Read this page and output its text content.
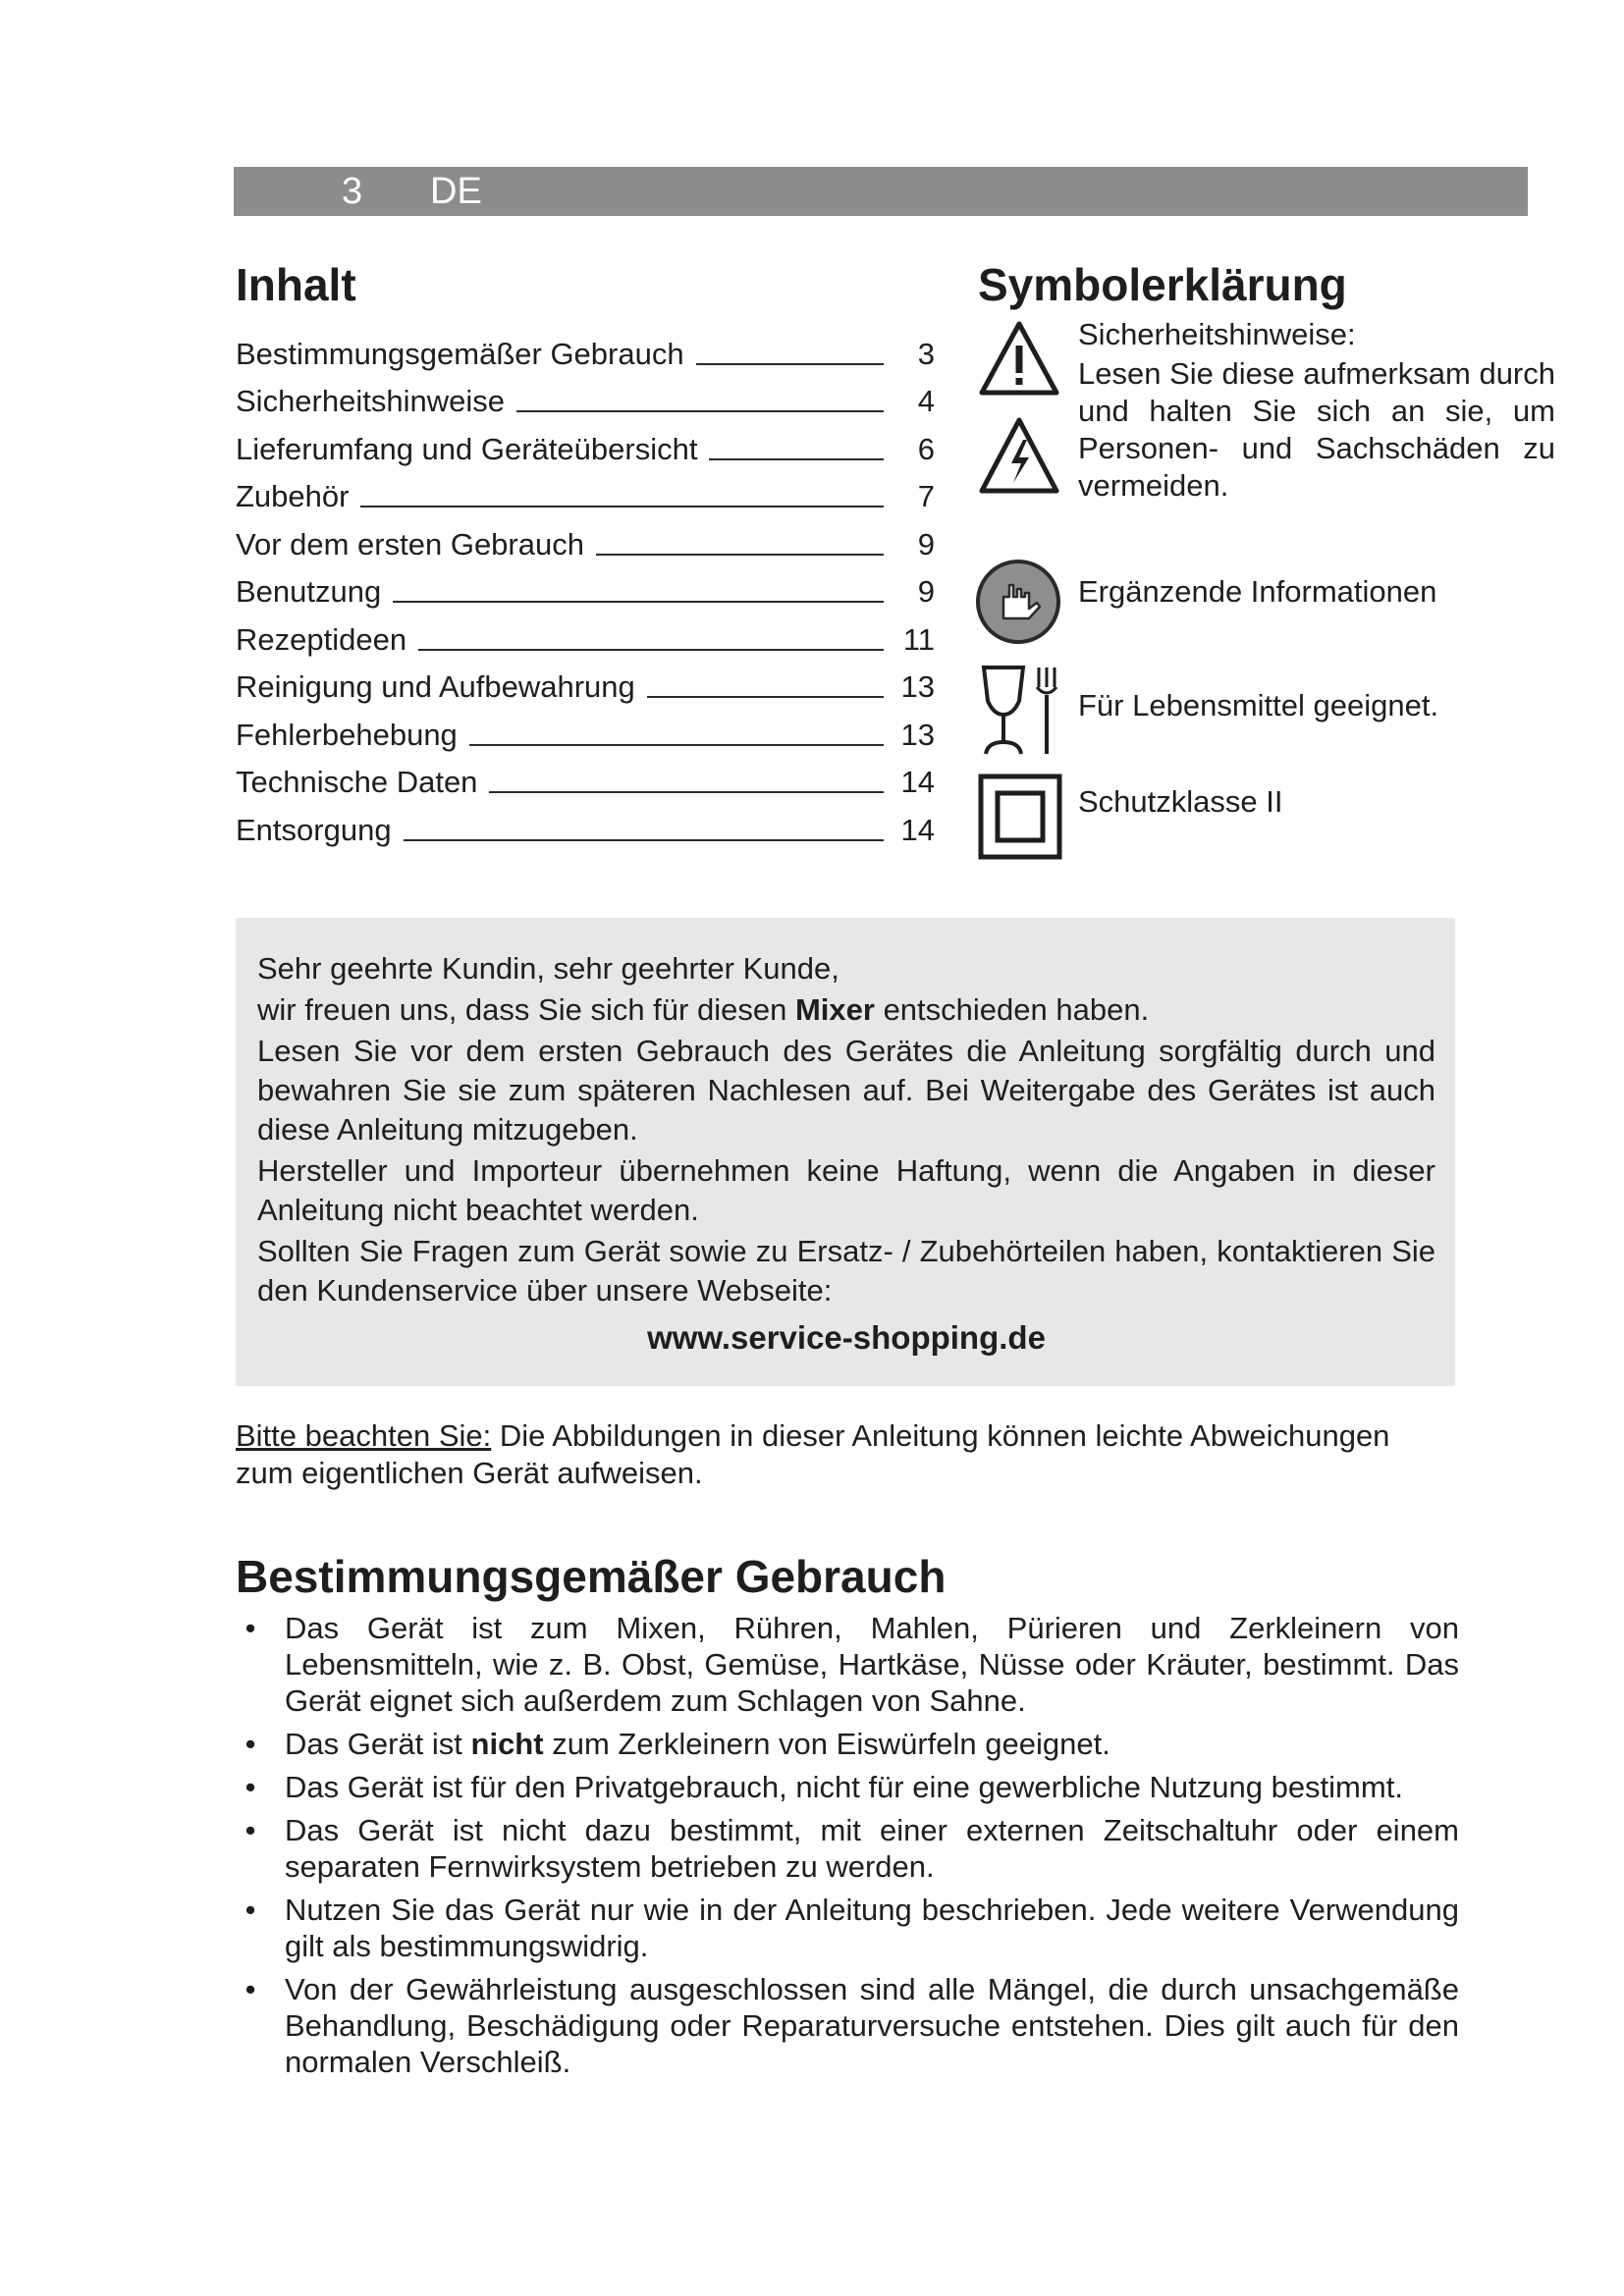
3 DE
Inhalt
Bestimmungsgemäßer Gebrauch	3
Sicherheitshinweise	4
Lieferumfang und Geräteübersicht	6
Zubehör	7
Vor dem ersten Gebrauch	9
Benutzung	9
Rezeptideen	11
Reinigung und Aufbewahrung	13
Fehlerbehebung	13
Technische Daten	14
Entsorgung	14
Symbolerklärung
Sicherheitshinweise:
Lesen Sie diese aufmerksam durch und halten Sie sich an sie, um Personen- und Sachschäden zu vermeiden.
Ergänzende Informationen
Für Lebensmittel geeignet.
Schutzklasse II

Sehr geehrte Kundin, sehr geehrter Kunde,

wir freuen uns, dass Sie sich für diesen Mixer entschieden haben.

Lesen Sie vor dem ersten Gebrauch des Gerätes die Anleitung sorgfältig durch und bewahren Sie sie zum späteren Nachlesen auf. Bei Weitergabe des Gerätes ist auch diese Anleitung mitzugeben.

Hersteller und Importeur übernehmen keine Haftung, wenn die Angaben in dieser Anleitung nicht beachtet werden.

Sollten Sie Fragen zum Gerät sowie zu Ersatz- / Zubehörteilen haben, kontaktieren Sie den Kundenservice über unsere Webseite:

www.service-shopping.de

Bitte beachten Sie: Die Abbildungen in dieser Anleitung können leichte Abweichungen zum eigentlichen Gerät aufweisen.
Bestimmungsgemäßer Gebrauch
• Das Gerät ist zum Mixen, Rühren, Mahlen, Pürieren und Zerkleinern von Lebensmitteln, wie z. B. Obst, Gemüse, Hartkäse, Nüsse oder Kräuter, bestimmt. Das Gerät eignet sich außerdem zum Schlagen von Sahne.
• Das Gerät ist nicht zum Zerkleinern von Eiswürfeln geeignet.
• Das Gerät ist für den Privatgebrauch, nicht für eine gewerbliche Nutzung bestimmt.
• Das Gerät ist nicht dazu bestimmt, mit einer externen Zeitschaltuhr oder einem separaten Fernwirksystem betrieben zu werden.
• Nutzen Sie das Gerät nur wie in der Anleitung beschrieben. Jede weitere Verwendung gilt als bestimmungswidrig.
• Von der Gewährleistung ausgeschlossen sind alle Mängel, die durch unsachgemäße Behandlung, Beschädigung oder Reparaturversuche entstehen. Dies gilt auch für den normalen Verschleiß.
